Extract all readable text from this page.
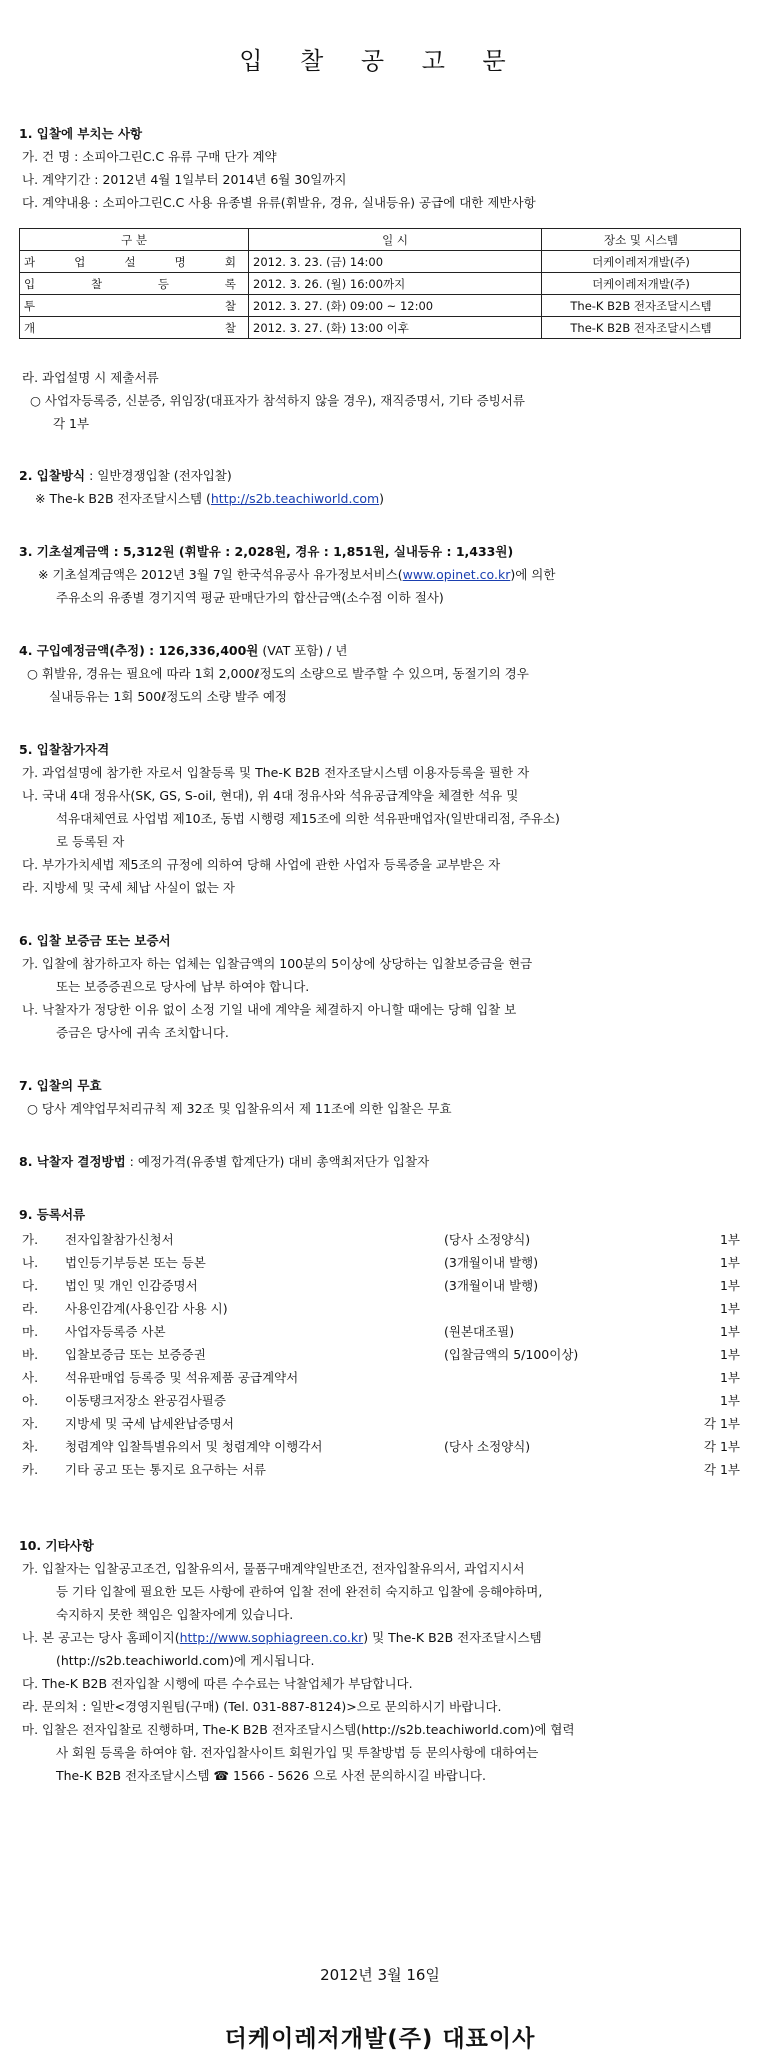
입 찰 공 고 문
1. 입찰에 부치는 사항
가. 건 명 : 소피아그린C.C 유류 구매 단가 계약
나. 계약기간 : 2012년 4월 1일부터 2014년 6월 30일까지
다. 계약내용 : 소피아그린C.C 사용 유종별 유류(휘발유, 경유, 실내등유) 공급에 대한 제반사항
구 분	일 시	장소 및 시스템

과 업 설 명 회	2012. 3. 23. (금) 14:00	더케이레저개발(주)

입 찰 등 록	2012. 3. 26. (월) 16:00까지	더케이레저개발(주)

투 찰	2012. 3. 27. (화) 09:00 ~ 12:00	The-K B2B 전자조달시스템

개 찰	2012. 3. 27. (화) 13:00 이후	The-K B2B 전자조달시스템
라. 과업설명 시 제출서류
○ 사업자등록증, 신분증, 위임장(대표자가 참석하지 않을 경우), 재직증명서, 기타 증빙서류
각 1부
2. 입찰방식 : 일반경쟁입찰 (전자입찰)
※ The-k B2B 전자조달시스템 (http://s2b.teachiworld.com)
3. 기초설계금액 : 5,312원 (휘발유 : 2,028원, 경유 : 1,851원, 실내등유 : 1,433원)
※ 기초설계금액은 2012년 3월 7일 한국석유공사 유가정보서비스(www.opinet.co.kr)에 의한
주유소의 유종별 경기지역 평균 판매단가의 합산금액(소수점 이하 절사)
4. 구입예정금액(추정) : 126,336,400원 (VAT 포함) / 년
○ 휘발유, 경유는 필요에 따라 1회 2,000ℓ정도의 소량으로 발주할 수 있으며, 동절기의 경우
실내등유는 1회 500ℓ정도의 소량 발주 예정
5. 입찰참가자격
가. 과업설명에 참가한 자로서 입찰등록 및 The-K B2B 전자조달시스템 이용자등록을 필한 자
나. 국내 4대 정유사(SK, GS, S-oil, 현대), 위 4대 정유사와 석유공급계약을 체결한 석유 및
석유대체연료 사업법 제10조, 동법 시행령 제15조에 의한 석유판매업자(일반대리점, 주유소)
로 등록된 자
다. 부가가치세법 제5조의 규정에 의하여 당해 사업에 관한 사업자 등록증을 교부받은 자
라. 지방세 및 국세 체납 사실이 없는 자
6. 입찰 보증금 또는 보증서
가. 입찰에 참가하고자 하는 업체는 입찰금액의 100분의 5이상에 상당하는 입찰보증금을 현금
또는 보증증권으로 당사에 납부 하여야 합니다.
나. 낙찰자가 정당한 이유 없이 소정 기일 내에 계약을 체결하지 아니할 때에는 당해 입찰 보
증금은 당사에 귀속 조치합니다.
7. 입찰의 무효
○ 당사 계약업무처리규칙 제 32조 및 입찰유의서 제 11조에 의한 입찰은 무효
8. 낙찰자 결정방법 : 예정가격(유종별 합계단가) 대비 총액최저단가 입찰자
9. 등록서류
가. 전자입찰참가신청서	(당사 소정양식)	1부
나. 법인등기부등본 또는 등본	(3개월이내 발행)	1부
다. 법인 및 개인 인감증명서	(3개월이내 발행)	1부
라. 사용인감계(사용인감 사용 시)	1부
마. 사업자등록증 사본	(원본대조필)	1부
바. 입찰보증금 또는 보증증권	(입찰금액의 5/100이상)	1부
사. 석유판매업 등록증 및 석유제품 공급계약서	1부
아. 이동탱크저장소 완공검사필증	1부
자. 지방세 및 국세 납세완납증명서	각 1부
차. 청렴계약 입찰특별유의서 및 청렴계약 이행각서	(당사 소정양식)	각 1부
카. 기타 공고 또는 통지로 요구하는 서류	각 1부
10. 기타사항
가. 입찰자는 입찰공고조건, 입찰유의서, 물품구매계약일반조건, 전자입찰유의서, 과업지시서
등 기타 입찰에 필요한 모든 사항에 관하여 입찰 전에 완전히 숙지하고 입찰에 응해야하며,
숙지하지 못한 책임은 입찰자에게 있습니다.
나. 본 공고는 당사 홈페이지(http://www.sophiagreen.co.kr) 및 The-K B2B 전자조달시스템
(http://s2b.teachiworld.com)에 게시됩니다.
다. The-K B2B 전자입찰 시행에 따른 수수료는 낙찰업체가 부담합니다.
라. 문의처 : 일반<경영지원팀(구매) (Tel. 031-887-8124)>으로 문의하시기 바랍니다.
마. 입찰은 전자입찰로 진행하며, The-K B2B 전자조달시스템(http://s2b.teachiworld.com)에 협력
사 회원 등록을 하여야 함. 전자입찰사이트 회원가입 및 투찰방법 등 문의사항에 대하여는
The-K B2B 전자조달시스템 ☎ 1566 - 5626 으로 사전 문의하시길 바랍니다.
2012년 3월 16일
더케이레저개발(주) 대표이사
